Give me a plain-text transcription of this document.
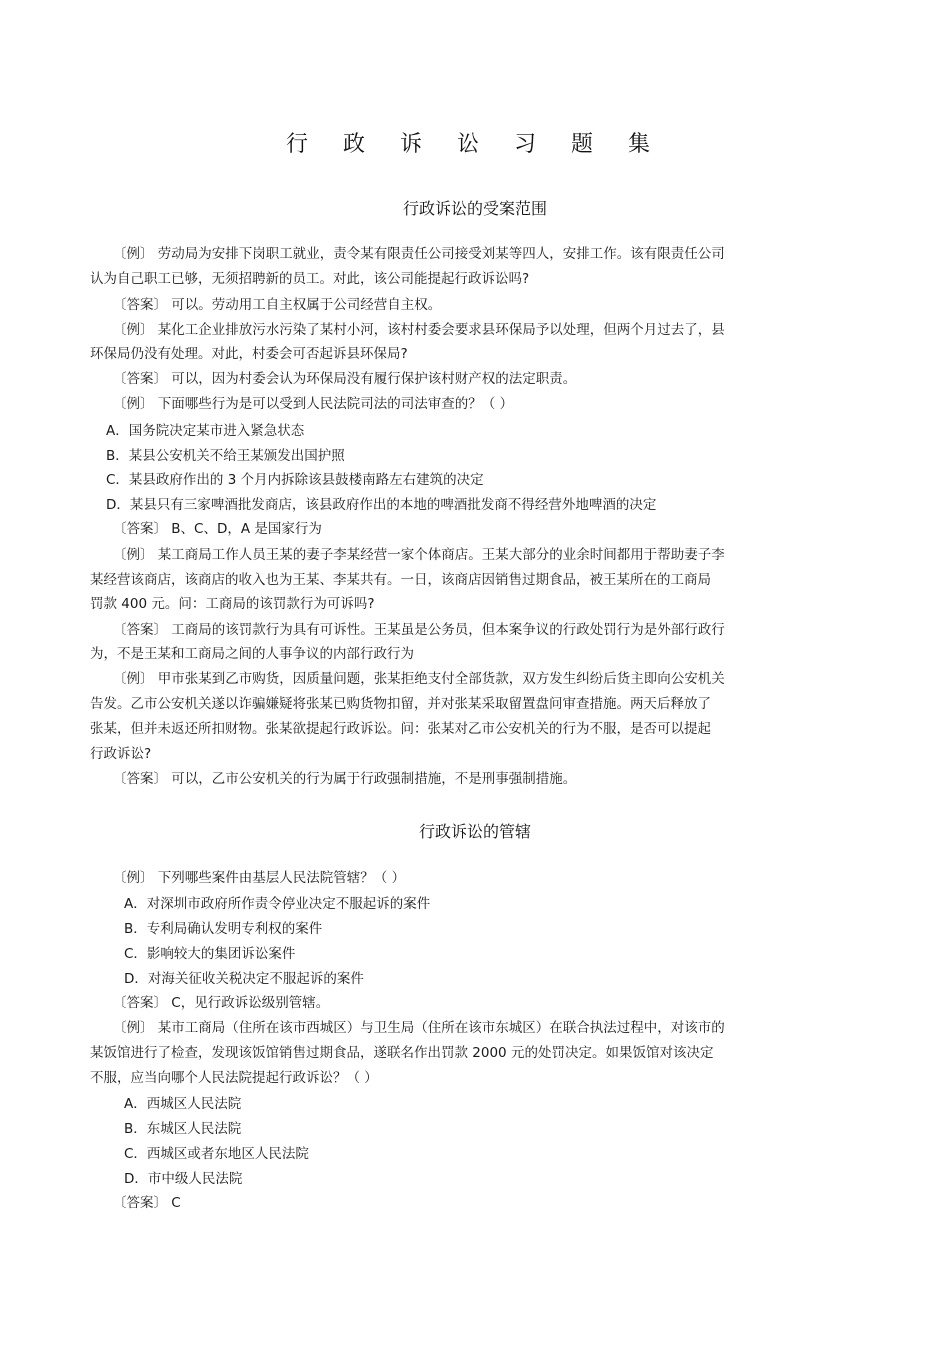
行 政 诉 讼 习 题 集
行政诉讼的受案范围
〔例〕 劳动局为安排下岗职工就业，责令某有限责任公司接受刘某等四人，安排工作。该有限责任公司
认为自己职工已够，无须招聘新的员工。对此，该公司能提起行政诉讼吗?
〔答案〕 可以。劳动用工自主权属于公司经营自主权。
〔例〕 某化工企业排放污水污染了某村小河，该村村委会要求县环保局予以处理，但两个月过去了，县
环保局仍没有处理。对此，村委会可否起诉县环保局?
〔答案〕 可以，因为村委会认为环保局没有履行保护该村财产权的法定职责。
〔例〕 下面哪些行为是可以受到人民法院司法的司法审查的？（ ）
A．国务院决定某市进入紧急状态
B．某县公安机关不给王某颁发出国护照
C．某县政府作出的 3 个月内拆除该县鼓楼南路左右建筑的决定
D．某县只有三家啤酒批发商店，该县政府作出的本地的啤酒批发商不得经营外地啤酒的决定
〔答案〕 B、C、D，A 是国家行为
〔例〕 某工商局工作人员王某的妻子李某经营一家个体商店。王某大部分的业余时间都用于帮助妻子李
某经营该商店，该商店的收入也为王某、李某共有。一日，该商店因销售过期食品，被王某所在的工商局
罚款 400 元。问：工商局的该罚款行为可诉吗?
〔答案〕 工商局的该罚款行为具有可诉性。王某虽是公务员，但本案争议的行政处罚行为是外部行政行
为，不是王某和工商局之间的人事争议的内部行政行为
〔例〕 甲市张某到乙市购货，因质量问题，张某拒绝支付全部货款，双方发生纠纷后货主即向公安机关
告发。乙市公安机关遂以诈骗嫌疑将张某已购货物扣留，并对张某采取留置盘问审查措施。两天后释放了
张某，但并未返还所扣财物。张某欲提起行政诉讼。问：张某对乙市公安机关的行为不服，是否可以提起
行政诉讼?
〔答案〕 可以，乙市公安机关的行为属于行政强制措施，不是刑事强制措施。
行政诉讼的管辖
〔例〕 下列哪些案件由基层人民法院管辖？（ ）
A．对深圳市政府所作责令停业决定不服起诉的案件
B．专利局确认发明专利权的案件
C．影响较大的集团诉讼案件
D．对海关征收关税决定不服起诉的案件
〔答案〕 C，见行政诉讼级别管辖。
〔例〕 某市工商局（住所在该市西城区）与卫生局（住所在该市东城区）在联合执法过程中，对该市的
某饭馆进行了检查，发现该饭馆销售过期食品，遂联名作出罚款 2000 元的处罚决定。如果饭馆对该决定
不服，应当向哪个人民法院提起行政诉讼？（ ）
A．西城区人民法院
B．东城区人民法院
C．西城区或者东地区人民法院
D．市中级人民法院
〔答案〕 C
